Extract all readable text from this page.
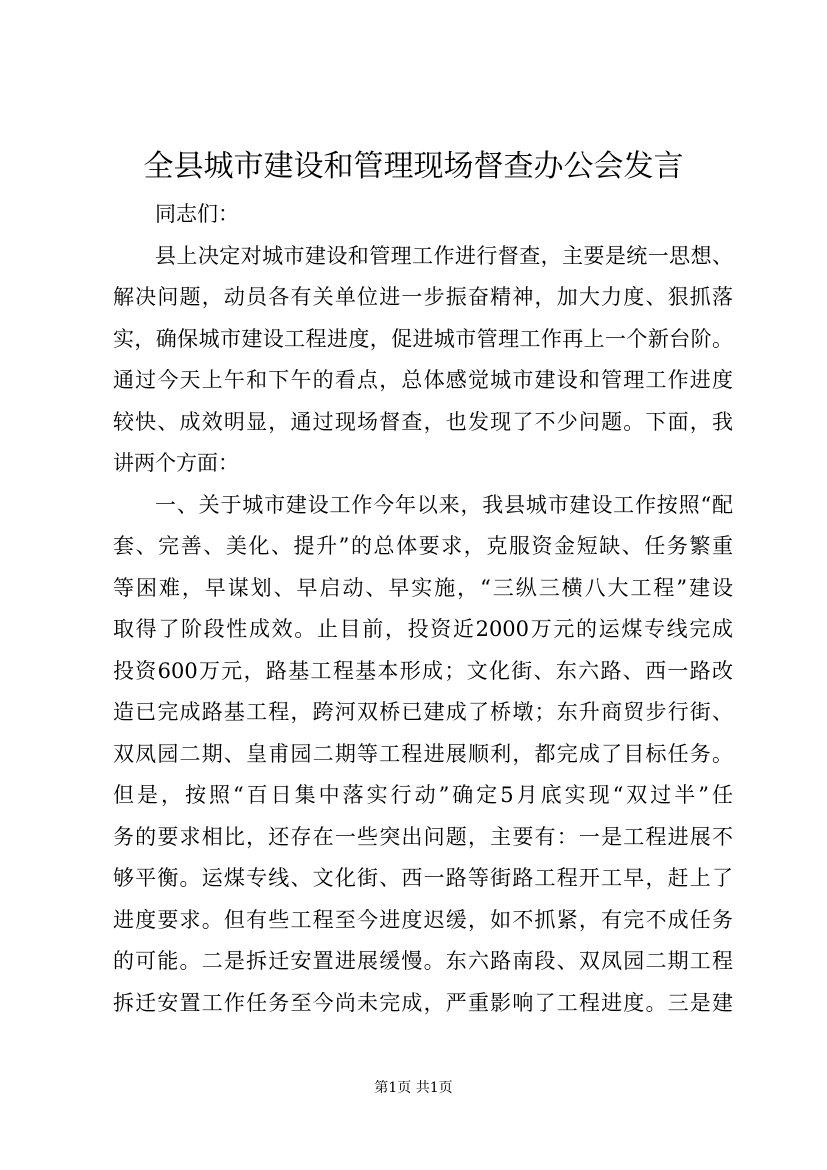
全县城市建设和管理现场督查办公会发言
同志们：
县上决定对城市建设和管理工作进行督查，主要是统一思想、
解决问题，动员各有关单位进一步振奋精神，加大力度、狠抓落
实，确保城市建设工程进度，促进城市管理工作再上一个新台阶。
通过今天上午和下午的看点，总体感觉城市建设和管理工作进度
较快、成效明显，通过现场督查，也发现了不少问题。下面，我
讲两个方面：
一、关于城市建设工作今年以来，我县城市建设工作按照“配
套、完善、美化、提升”的总体要求，克服资金短缺、任务繁重
等困难，早谋划、早启动、早实施，“三纵三横八大工程”建设
取得了阶段性成效。止目前，投资近2000万元的运煤专线完成
投资600万元，路基工程基本形成；文化街、东六路、西一路改
造已完成路基工程，跨河双桥已建成了桥墩；东升商贸步行街、
双凤园二期、皇甫园二期等工程进展顺利，都完成了目标任务。
但是，按照“百日集中落实行动”确定5月底实现“双过半”任
务的要求相比，还存在一些突出问题，主要有：一是工程进展不
够平衡。运煤专线、文化街、西一路等街路工程开工早，赶上了
进度要求。但有些工程至今进度迟缓，如不抓紧，有完不成任务
的可能。二是拆迁安置进展缓慢。东六路南段、双凤园二期工程
拆迁安置工作任务至今尚未完成，严重影响了工程进度。三是建
第1页 共1页
